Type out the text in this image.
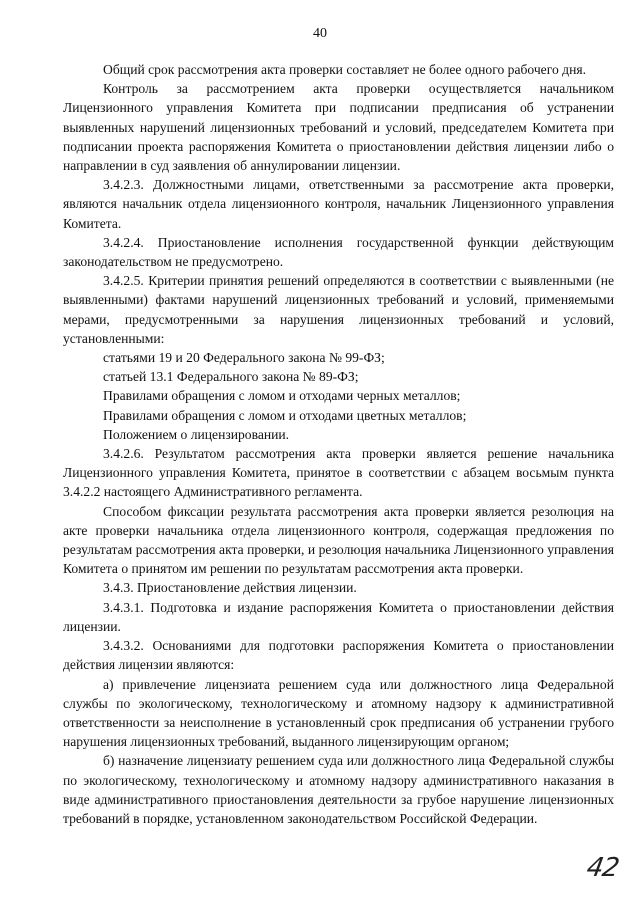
40

Общий срок рассмотрения акта проверки составляет не более одного рабочего дня.

Контроль за рассмотрением акта проверки осуществляется начальником Лицензионного управления Комитета при подписании предписания об устранении выявленных нарушений лицензионных требований и условий, председателем Комитета при подписании проекта распоряжения Комитета о приостановлении действия лицензии либо о направлении в суд заявления об аннулировании лицензии.

3.4.2.3. Должностными лицами, ответственными за рассмотрение акта проверки, являются начальник отдела лицензионного контроля, начальник Лицензионного управления Комитета.

3.4.2.4. Приостановление исполнения государственной функции действующим законодательством не предусмотрено.

3.4.2.5. Критерии принятия решений определяются в соответствии с выявленными (не выявленными) фактами нарушений лицензионных требований и условий, применяемыми мерами, предусмотренными за нарушения лицензионных требований и условий, установленными:

статьями 19 и 20 Федерального закона № 99-ФЗ;

статьей 13.1 Федерального закона № 89-ФЗ;

Правилами обращения с ломом и отходами черных металлов;

Правилами обращения с ломом и отходами цветных металлов;

Положением о лицензировании.

3.4.2.6. Результатом рассмотрения акта проверки является решение начальника Лицензионного управления Комитета, принятое в соответствии с абзацем восьмым пункта 3.4.2.2 настоящего Административного регламента.

Способом фиксации результата рассмотрения акта проверки является резолюция на акте проверки начальника отдела лицензионного контроля, содержащая предложения по результатам рассмотрения акта проверки, и резолюция начальника Лицензионного управления Комитета о принятом им решении по результатам рассмотрения акта проверки.

3.4.3. Приостановление действия лицензии.

3.4.3.1. Подготовка и издание распоряжения Комитета о приостановлении действия лицензии.

3.4.3.2. Основаниями для подготовки распоряжения Комитета о приостановлении действия лицензии являются:

а) привлечение лицензиата решением суда или должностного лица Федеральной службы по экологическому, технологическому и атомному надзору к административной ответственности за неисполнение в установленный срок предписания об устранении грубого нарушения лицензионных требований, выданного лицензирующим органом;

б) назначение лицензиату решением суда или должностного лица Федеральной службы по экологическому, технологическому и атомному надзору административного наказания в виде административного приостановления деятельности за грубое нарушение лицензионных требований в порядке, установленном законодательством Российской Федерации.

42
